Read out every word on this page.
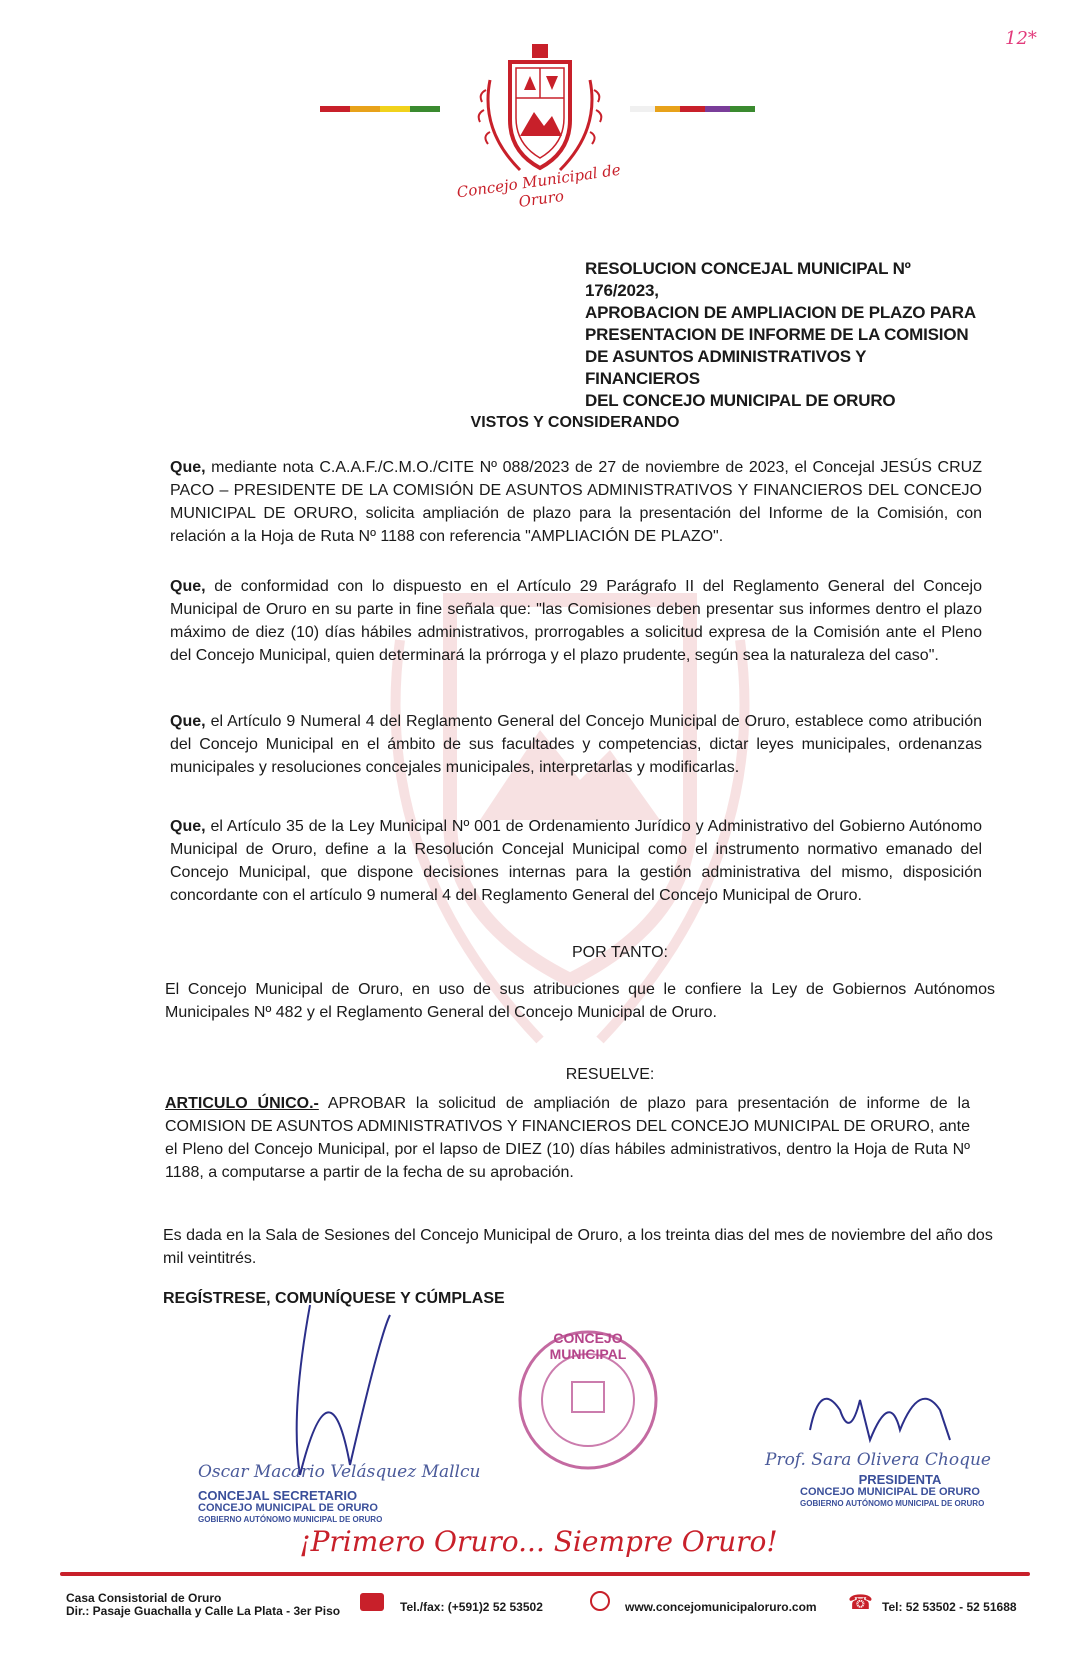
12*
Concejo Municipal de Oruro
RESOLUCION CONCEJAL MUNICIPAL Nº 176/2023,
APROBACION DE AMPLIACION DE PLAZO PARA
PRESENTACION DE INFORME DE LA COMISION
DE ASUNTOS ADMINISTRATIVOS Y FINANCIEROS
DEL CONCEJO MUNICIPAL DE ORURO
VISTOS Y CONSIDERANDO
Que, mediante nota C.A.A.F./C.M.O./CITE Nº 088/2023 de 27 de noviembre de 2023, el Concejal JESÚS CRUZ PACO – PRESIDENTE DE LA COMISIÓN DE ASUNTOS ADMINISTRATIVOS Y FINANCIEROS DEL CONCEJO MUNICIPAL DE ORURO, solicita ampliación de plazo para la presentación del Informe de la Comisión, con relación a la Hoja de Ruta Nº 1188 con referencia "AMPLIACIÓN DE PLAZO".
Que, de conformidad con lo dispuesto en el Artículo 29 Parágrafo II del Reglamento General del Concejo Municipal de Oruro en su parte in fine señala que: "las Comisiones deben presentar sus informes dentro el plazo máximo de diez (10) días hábiles administrativos, prorrogables a solicitud expresa de la Comisión ante el Pleno del Concejo Municipal, quien determinará la prórroga y el plazo prudente, según sea la naturaleza del caso".
Que, el Artículo 9 Numeral 4 del Reglamento General del Concejo Municipal de Oruro, establece como atribución del Concejo Municipal en el ámbito de sus facultades y competencias, dictar leyes municipales, ordenanzas municipales y resoluciones concejales municipales, interpretarlas y modificarlas.
Que, el Artículo 35 de la Ley Municipal Nº 001 de Ordenamiento Jurídico y Administrativo del Gobierno Autónomo Municipal de Oruro, define a la Resolución Concejal Municipal como el instrumento normativo emanado del Concejo Municipal, que dispone decisiones internas para la gestión administrativa del mismo, disposición concordante con el artículo 9 numeral 4 del Reglamento General del Concejo Municipal de Oruro.
POR TANTO:
El Concejo Municipal de Oruro, en uso de sus atribuciones que le confiere la Ley de Gobiernos Autónomos Municipales Nº 482 y el Reglamento General del Concejo Municipal de Oruro.
RESUELVE:
ARTICULO ÚNICO.- APROBAR la solicitud de ampliación de plazo para presentación de informe de la COMISION DE ASUNTOS ADMINISTRATIVOS Y FINANCIEROS DEL CONCEJO MUNICIPAL DE ORURO, ante el Pleno del Concejo Municipal, por el lapso de DIEZ (10) días hábiles administrativos, dentro la Hoja de Ruta Nº 1188, a computarse a partir de la fecha de su aprobación.
Es dada en la Sala de Sesiones del Concejo Municipal de Oruro, a los treinta dias del mes de noviembre del año dos mil veintitrés.
REGÍSTRESE, COMUNÍQUESE Y CÚMPLASE
Oscar Macario Velásquez Mallcu
CONCEJAL SECRETARIO
CONCEJO MUNICIPAL DE ORURO
GOBIERNO AUTÓNOMO MUNICIPAL DE ORURO
CONCEJO MUNICIPAL
Prof. Sara Olivera Choque
PRESIDENTA
CONCEJO MUNICIPAL DE ORURO
GOBIERNO AUTÓNOMO MUNICIPAL DE ORURO
¡Primero Oruro... Siempre Oruro!
Casa Consistorial de Oruro
Dir.: Pasaje Guachalla y Calle La Plata - 3er Piso	Tel./fax: (+591)2 52 53502	www.concejomunicipaloruro.com ☎ Tel: 52 53502 - 52 51688
